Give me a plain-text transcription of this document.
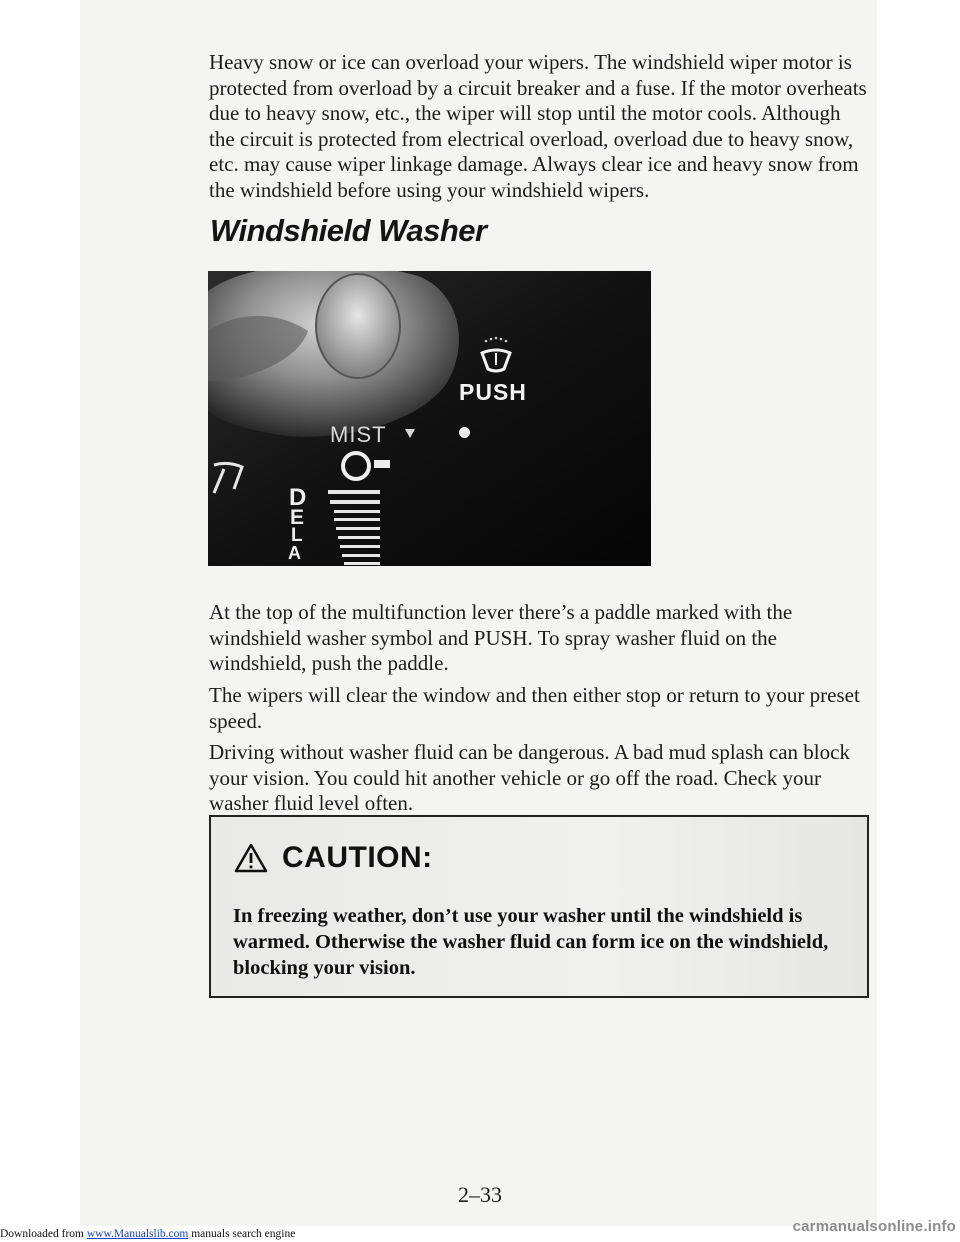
Heavy snow or ice can overload your wipers. The windshield wiper motor is protected from overload by a circuit breaker and a fuse. If the motor overheats due to heavy snow, etc., the wiper will stop until the motor cools. Although the circuit is protected from electrical overload, overload due to heavy snow, etc. may cause wiper linkage damage. Always clear ice and heavy snow from the windshield before using your windshield wipers.

Windshield Washer
PUSH
MIST
D
E
L
A

At the top of the multifunction lever there’s a paddle marked with the windshield washer symbol and PUSH. To spray washer fluid on the windshield, push the paddle.

The wipers will clear the window and then either stop or return to your preset speed.

Driving without washer fluid can be dangerous. A bad mud splash can block your vision. You could hit another vehicle or go off the road. Check your washer fluid level often.

CAUTION:

In freezing weather, don’t use your washer until the windshield is warmed. Otherwise the washer fluid can form ice on the windshield, blocking your vision.

2–33

Downloaded from www.Manualslib.com manuals search engine	carmanualsonline.info
